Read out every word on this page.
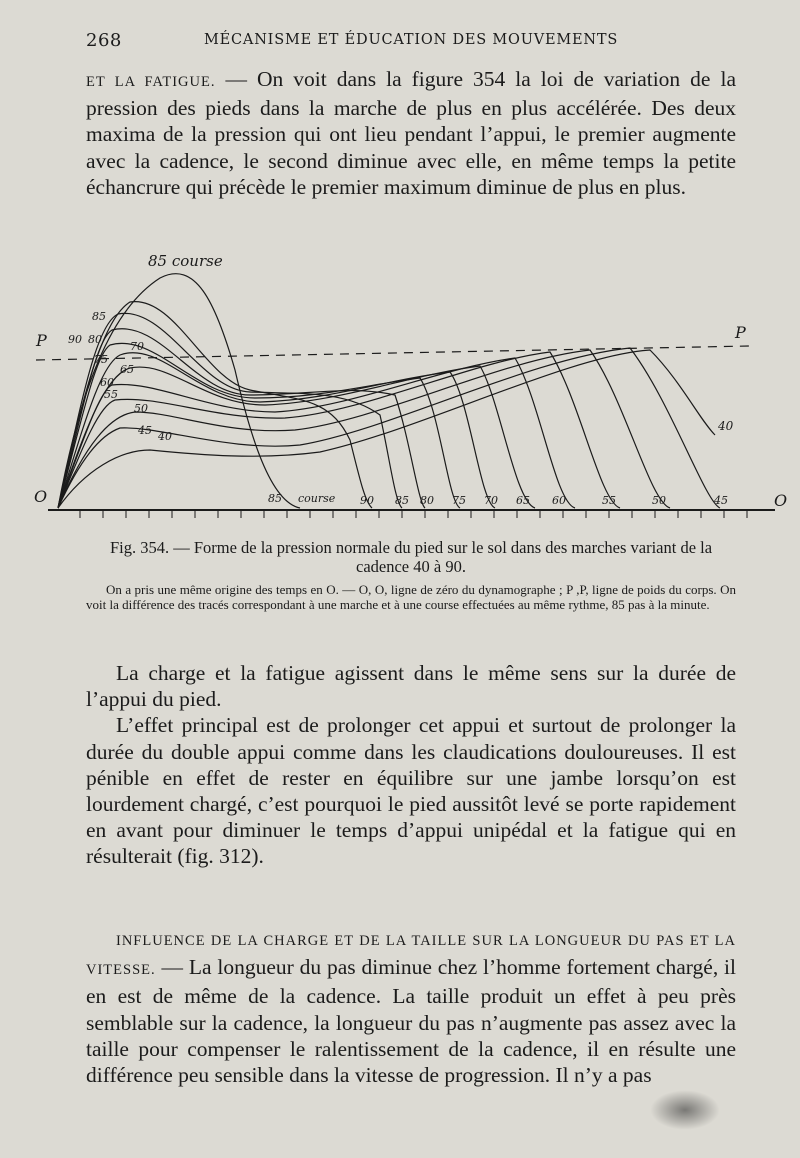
268	MÉCANISME ET ÉDUCATION DES MOUVEMENTS

ET LA FATIGUE. — On voit dans la figure 354 la loi de variation de la pression des pieds dans la marche de plus en plus accélérée. Des deux maxima de la pression qui ont lieu pendant l’appui, le premier augmente avec la cadence, le second diminue avec elle, en même temps la petite échancrure qui précède le premier maximum diminue de plus en plus.

85 course
P	P
O	O
85
90 80
75
70
65
60
55
50
45 40
40
85 course 90 85 80 75 70 65 60	55	50	45

Fig. 354. — Forme de la pression normale du pied sur le sol dans des marches variant de la cadence 40 à 90.

On a pris une même origine des temps en O. — O, O, ligne de zéro du dynamographe ; P ,P, ligne de poids du corps. On voit la différence des tracés correspondant à une marche et à une course effectuées au même rythme, 85 pas à la minute.

La charge et la fatigue agissent dans le même sens sur la durée de l’appui du pied.

L’effet principal est de prolonger cet appui et surtout de prolonger la durée du double appui comme dans les claudications douloureuses. Il est pénible en effet de rester en équilibre sur une jambe lorsqu’on est lourdement chargé, c’est pourquoi le pied aussitôt levé se porte rapidement en avant pour diminuer le temps d’appui unipédal et la fatigue qui en résulterait (fig. 312).

INFLUENCE DE LA CHARGE ET DE LA TAILLE SUR LA LONGUEUR DU PAS ET LA VITESSE. — La longueur du pas diminue chez l’homme fortement chargé, il en est de même de la cadence. La taille produit un effet à peu près semblable sur la cadence, la longueur du pas n’augmente pas assez avec la taille pour compenser le ralentissement de la cadence, il en résulte une différence peu sensible dans la vitesse de progression. Il n’y a pas
